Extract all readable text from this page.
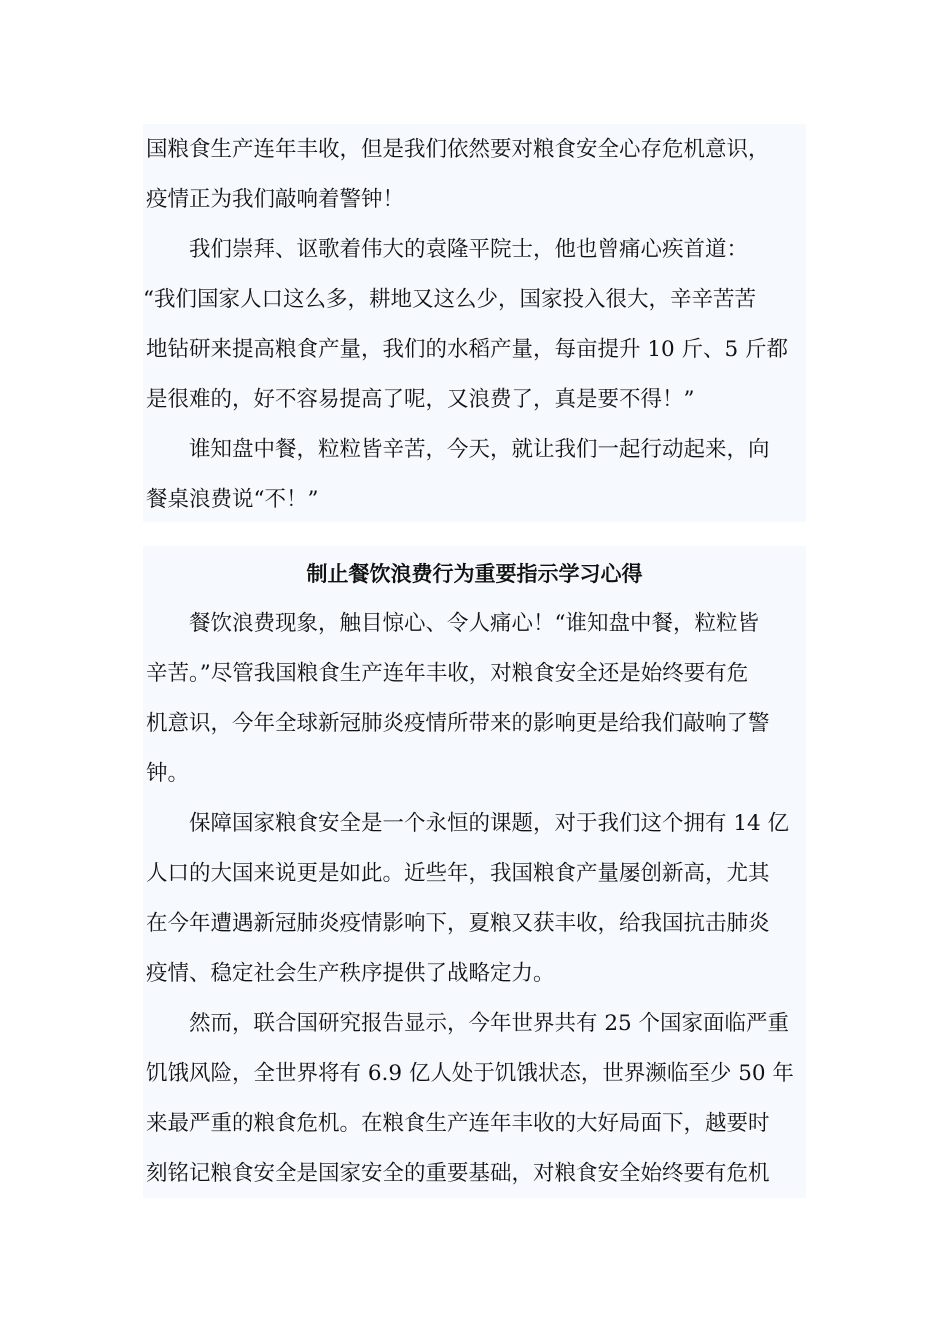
国粮食生产连年丰收，但是我们依然要对粮食安全心存危机意识，
疫情正为我们敲响着警钟！
我们崇拜、讴歌着伟大的袁隆平院士，他也曾痛心疾首道：
“我们国家人口这么多，耕地又这么少，国家投入很大，辛辛苦苦
地钻研来提高粮食产量，我们的水稻产量，每亩提升 10 斤、5 斤都
是很难的，好不容易提高了呢，又浪费了，真是要不得！”
谁知盘中餐，粒粒皆辛苦，今天，就让我们一起行动起来，向
餐桌浪费说“不！”
制止餐饮浪费行为重要指示学习心得
餐饮浪费现象，触目惊心、令人痛心！“谁知盘中餐，粒粒皆
辛苦。”尽管我国粮食生产连年丰收，对粮食安全还是始终要有危
机意识，今年全球新冠肺炎疫情所带来的影响更是给我们敲响了警
钟。
保障国家粮食安全是一个永恒的课题，对于我们这个拥有 14 亿
人口的大国来说更是如此。近些年，我国粮食产量屡创新高，尤其
在今年遭遇新冠肺炎疫情影响下，夏粮又获丰收，给我国抗击肺炎
疫情、稳定社会生产秩序提供了战略定力。
然而，联合国研究报告显示，今年世界共有 25 个国家面临严重
饥饿风险，全世界将有 6.9 亿人处于饥饿状态，世界濒临至少 50 年
来最严重的粮食危机。在粮食生产连年丰收的大好局面下，越要时
刻铭记粮食安全是国家安全的重要基础，对粮食安全始终要有危机
